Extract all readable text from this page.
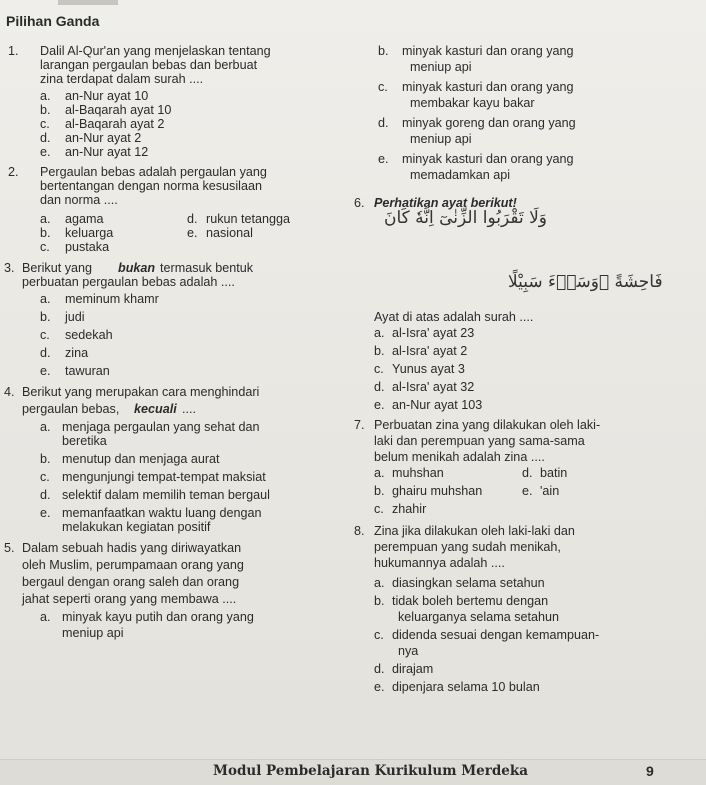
Pilihan Ganda
1. Dalil Al-Qur'an yang menjelaskan tentang
larangan pergaulan bebas dan berbuat
zina terdapat dalam surah ....
a. an-Nur ayat 10
b. al-Baqarah ayat 10
c. al-Baqarah ayat 2
d. an-Nur ayat 2
e. an-Nur ayat 12
2. Pergaulan bebas adalah pergaulan yang
bertentangan dengan norma kesusilaan
dan norma ....
a. agama	d. rukun tetangga
b. keluarga	e. nasional
c. pustaka
3. Berikut yang bukan termasuk bentuk
perbuatan pergaulan bebas adalah ....
a. meminum khamr
b. judi
c. sedekah
d. zina
e. tawuran
4. Berikut yang merupakan cara menghindari
pergaulan bebas, kecuali ....
a. menjaga pergaulan yang sehat dan
beretika
b. menutup dan menjaga aurat
c. mengunjungi tempat-tempat maksiat
d. selektif dalam memilih teman bergaul
e. memanfaatkan waktu luang dengan
melakukan kegiatan positif
5. Dalam sebuah hadis yang diriwayatkan
oleh Muslim, perumpamaan orang yang
bergaul dengan orang saleh dan orang
jahat seperti orang yang membawa ....
a. minyak kayu putih dan orang yang
meniup api
b. minyak kasturi dan orang yang
meniup api
c. minyak kasturi dan orang yang
membakar kayu bakar
d. minyak goreng dan orang yang
meniup api
e. minyak kasturi dan orang yang
memadamkan api
6. Perhatikan ayat berikut!
Ayat di atas adalah surah ....
a. al-Isra' ayat 23
b. al-Isra' ayat 2
c. Yunus ayat 3
d. al-Isra' ayat 32
e. an-Nur ayat 103
7. Perbuatan zina yang dilakukan oleh laki-
laki dan perempuan yang sama-sama
belum menikah adalah zina ....
a. muhshan	d. batin
b. ghairu muhshan	e. 'ain
c. zhahir
8. Zina jika dilakukan oleh laki-laki dan
perempuan yang sudah menikah,
hukumannya adalah ....
a. diasingkan selama setahun
b. tidak boleh bertemu dengan
keluarganya selama setahun
c. didenda sesuai dengan kemampuan-
nya
d. dirajam
e. dipenjara selama 10 bulan
وَلَا تَقْرَبُوا الزِّنٰىٓ اِنَّهٗ كَانَ
فَاحِشَةً ۗوَسَاۤءَ سَبِيْلًا
Modul Pembelajaran Kurikulum Merdeka	9
